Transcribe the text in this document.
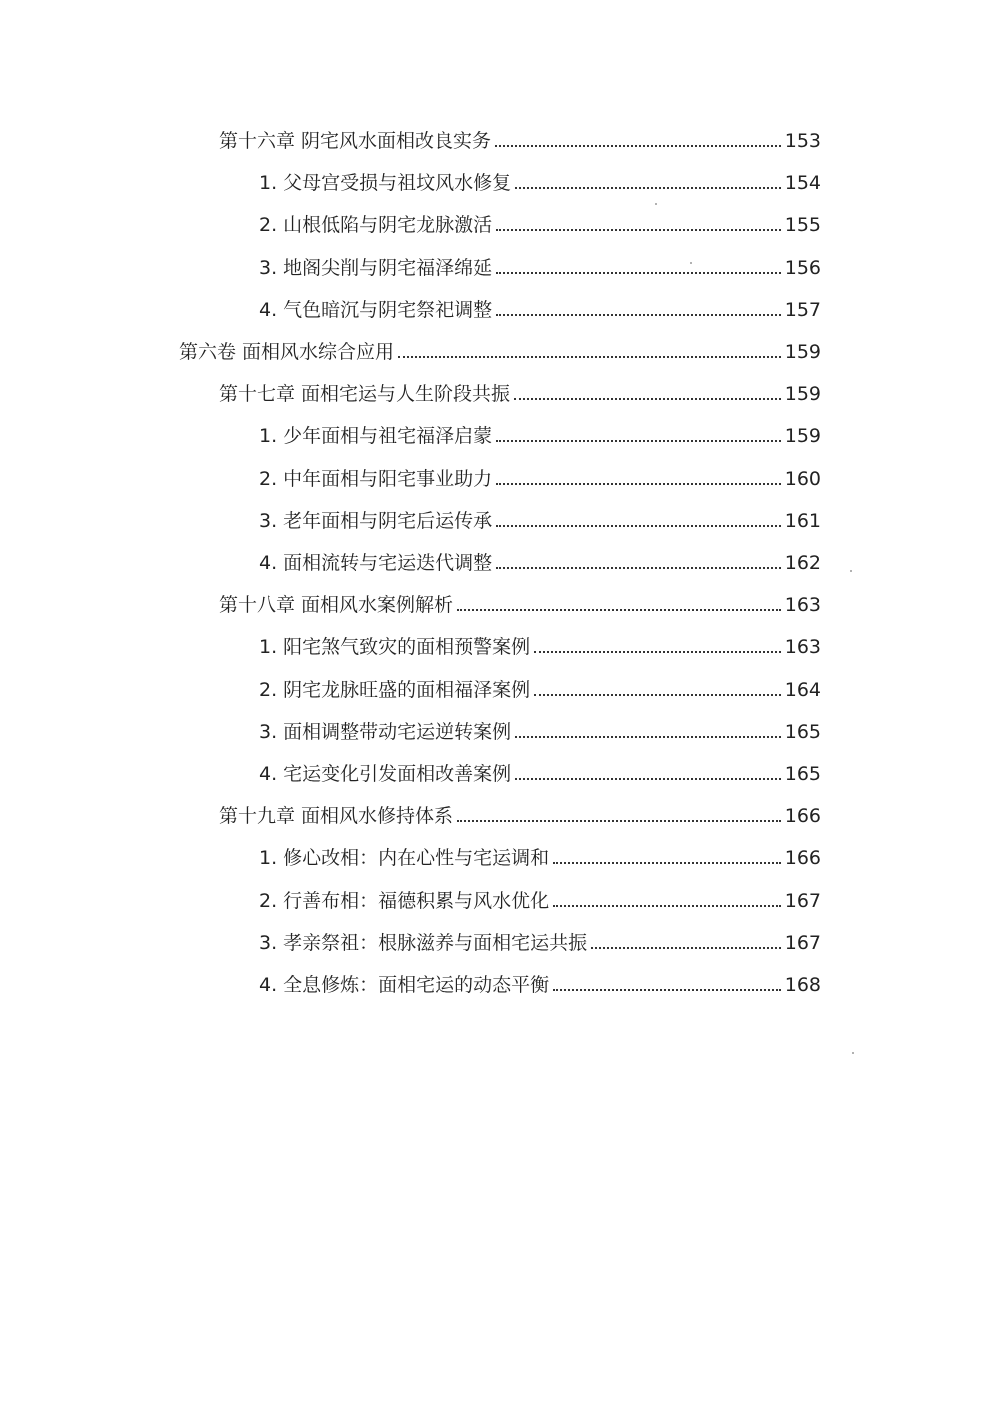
第十六章 阴宅风水面相改良实务	153
1. 父母宫受损与祖坟风水修复	154
2. 山根低陷与阴宅龙脉激活	155
3. 地阁尖削与阴宅福泽绵延	156
4. 气色暗沉与阴宅祭祀调整	157
第六卷 面相风水综合应用	159
第十七章 面相宅运与人生阶段共振	159
1. 少年面相与祖宅福泽启蒙	159
2. 中年面相与阳宅事业助力	160
3. 老年面相与阴宅后运传承	161
4. 面相流转与宅运迭代调整	162
第十八章 面相风水案例解析	163
1. 阳宅煞气致灾的面相预警案例	163
2. 阴宅龙脉旺盛的面相福泽案例	164
3. 面相调整带动宅运逆转案例	165
4. 宅运变化引发面相改善案例	165
第十九章 面相风水修持体系	166
1. 修心改相：内在心性与宅运调和	166
2. 行善布相：福德积累与风水优化	167
3. 孝亲祭祖：根脉滋养与面相宅运共振	167
4. 全息修炼：面相宅运的动态平衡	168
